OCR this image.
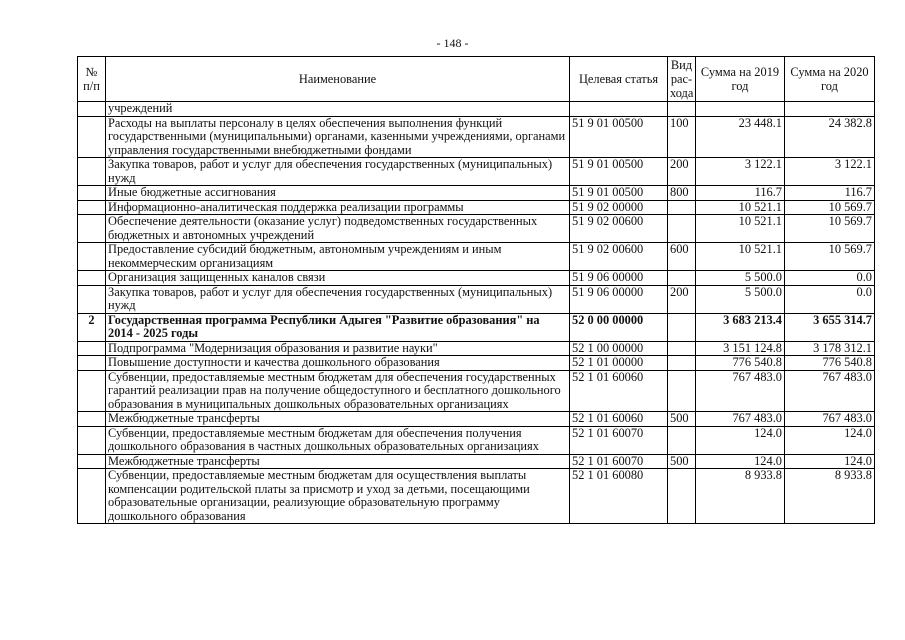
- 148 -
№ п/п	Наименование	Целевая статья	Вид рас- хода	Сумма на 2019 год	Сумма на 2020 год
	учреждений				
	Расходы на выплаты персоналу в целях обеспечения выполнения функций государственными (муниципальными) органами, казенными учреждениями, органами управления государственными внебюджетными фондами	51 9 01 00500	100	23 448.1	24 382.8
	Закупка товаров, работ и услуг для обеспечения государственных (муниципальных) нужд	51 9 01 00500	200	3 122.1	3 122.1
	Иные бюджетные ассигнования	51 9 01 00500	800	116.7	116.7
	Информационно-аналитическая поддержка реализации программы	51 9 02 00000		10 521.1	10 569.7
	Обеспечение деятельности (оказание услуг) подведомственных государственных бюджетных и автономных учреждений	51 9 02 00600		10 521.1	10 569.7
	Предоставление субсидий бюджетным, автономным учреждениям и иным некоммерческим организациям	51 9 02 00600	600	10 521.1	10 569.7
	Организация защищенных каналов связи	51 9 06 00000		5 500.0	0.0
	Закупка товаров, работ и услуг для обеспечения государственных (муниципальных) нужд	51 9 06 00000	200	5 500.0	0.0
2	Государственная программа Республики Адыгея "Развитие образования" на 2014 - 2025 годы	52 0 00 00000		3 683 213.4	3 655 314.7
	Подпрограмма "Модернизация образования и развитие науки"	52 1 00 00000		3 151 124.8	3 178 312.1
	Повышение доступности и качества дошкольного образования	52 1 01 00000		776 540.8	776 540.8
	Субвенции, предоставляемые местным бюджетам для обеспечения государственных гарантий реализации прав на получение общедоступного и бесплатного дошкольного образования в муниципальных дошкольных образовательных организациях	52 1 01 60060		767 483.0	767 483.0
	Межбюджетные трансферты	52 1 01 60060	500	767 483.0	767 483.0
	Субвенции, предоставляемые местным бюджетам для обеспечения получения дошкольного образования в частных дошкольных образовательных организациях	52 1 01 60070		124.0	124.0
	Межбюджетные трансферты	52 1 01 60070	500	124.0	124.0
	Субвенции, предоставляемые местным бюджетам для осуществления выплаты компенсации родительской платы за присмотр и уход за детьми, посещающими образовательные организации, реализующие образовательную программу дошкольного образования	52 1 01 60080		8 933.8	8 933.8
